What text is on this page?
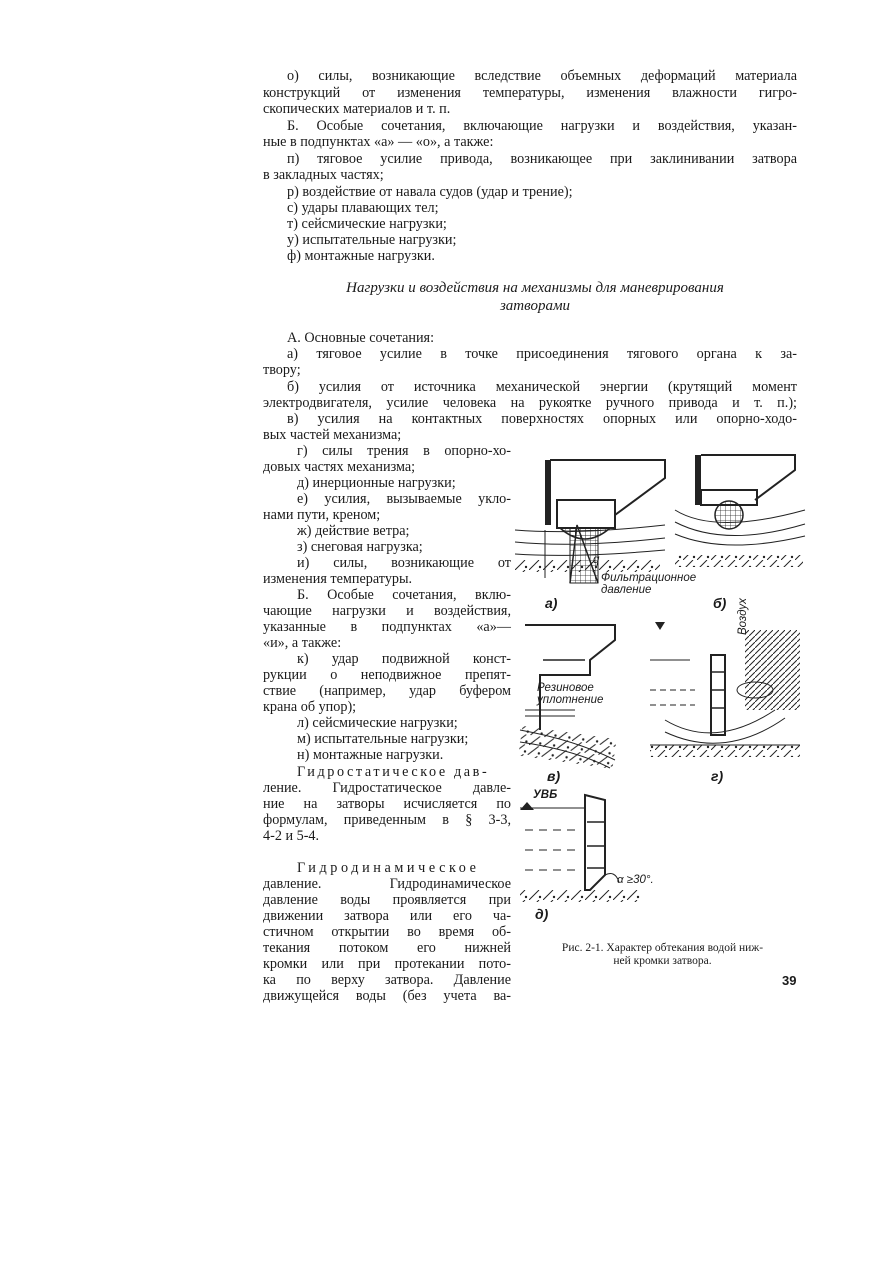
о) силы, возникающие вследствие объемных деформаций материала
конструкций от изменения температуры, изменения влажности гигро-
скопических материалов и т. п.
Б. Особые сочетания, включающие нагрузки и воздействия, указан-
ные в подпунктах «а» — «о», а также:
п) тяговое усилие привода, возникающее при заклинивании затвора
в закладных частях;
р) воздействие от навала судов (удар и трение);
с) удары плавающих тел;
т) сейсмические нагрузки;
у) испытательные нагрузки;
ф) монтажные нагрузки.
Нагрузки и воздействия на механизмы для маневрирования
затворами
А. Основные сочетания:
а) тяговое усилие в точке присоединения тягового органа к за-
твору;
б) усилия от источника механической энергии (крутящий момент
электродвигателя, усилие человека на рукоятке ручного привода и т. п.);
в) усилия на контактных поверхностях опорных или опорно-ходо-
вых частей механизма;
г) силы трения в опорно-хо-
довых частях механизма;
д) инерционные нагрузки;
е) усилия, вызываемые укло-
нами пути, креном;
ж) действие ветра;
з) снеговая нагрузка;
и) силы, возникающие от
изменения температуры.
Б. Особые сочетания, вклю-
чающие нагрузки и воздействия,
указанные в подпунктах «а»—
«и», а также:
к) удар подвижной конст-
рукции о неподвижное препят-
ствие (например, удар буфером
крана об упор);
л) сейсмические нагрузки;
м) испытательные нагрузки;
н) монтажные нагрузки.
Гидростатическое дав-
ление. Гидростатическое давле-
ние на затворы исчисляется по
формулам, приведенным в § 3-3,
4-2 и 5-4.
Гидродинамическое
давление. Гидродинамическое
давление воды проявляется при
движении затвора или его ча-
стичном открытии во время об-
текания потоком его нижней
кромки или при протекании пото-
ка по верху затвора. Давление
движущейся воды (без учета ва-
а)	б)
q
Фильтрационное
давление
Резиновое
уплотнение
в)	г)
Воздух
УВБ
α ≥30°.
д)
Рис. 2-1. Характер обтекания водой ниж-
ней кромки затвора.
39
